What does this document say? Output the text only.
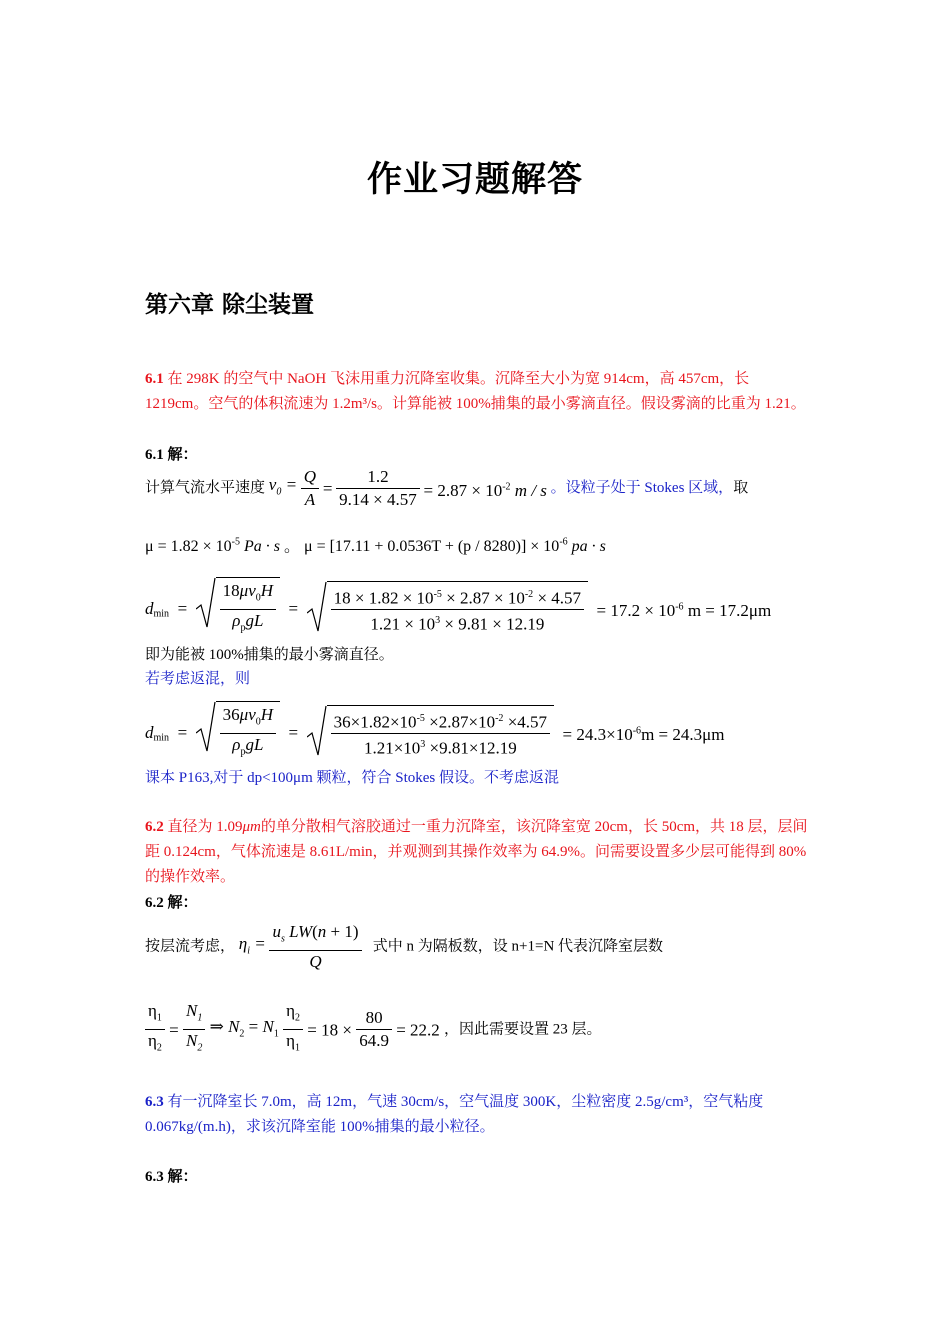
作业习题解答
第六章 除尘装置
6.1 在 298K 的空气中 NaOH 飞沫用重力沉降室收集。沉降至大小为宽 914cm，高 457cm，长 1219cm。空气的体积流速为 1.2m³/s。计算能被 100%捕集的最小雾滴直径。假设雾滴的比重为 1.21。
6.1 解：
计算气流水平速度 $v_0 = \frac{Q}{A} = \frac{1.2}{9.14 \times 4.57} = 2.87 \times 10^{-2}$ m / s 。设粒子处于 Stokes 区域，取
$\mu = 1.82 \times 10^{-5}$ Pa · s 。 $\mu = [17.11 + 0.0536T + (p / 8280)] \times 10^{-6}$ pa · s
$d_{min} = \frac{18\mu v_0H}{\rho_pgL} = \frac{18 \times 1.82 \times 10^{-5} \times 2.87 \times 10^{-2} \times 4.57}{1.21 \times 10^3 \times 9.81 \times 12.19} = 17.2 \times 10^{-6}$ m = 17.2μm
即为能被 100%捕集的最小雾滴直径。
若考虑返混，则
$d_{min} = \frac{36\mu v_0H}{\rho_pgL} = \frac{36\times 1.82\times 10^{-5} \times 2.87\times 10^{-2} \times 4.57}{1.21\times 10^3 \times 9.81\times 12.19} = 24.3\times 10^{-6}m = 24.3\mu m$
课本 P163,对于 dp<100μm 颗粒，符合 Stokes 假设。不考虑返混
6.2 直径为 1.09μm的单分散相气溶胶通过一重力沉降室，该沉降室宽 20cm，长 50cm，共 18 层，层间距 0.124cm，气体流速是 8.61L/min，并观测到其操作效率为 64.9%。问需要设置多少层可能得到 80%的操作效率。
6.2 解：
按层流考虑， $\eta_i = \frac{u_s LW(n + 1)}{Q}$ 式中 n 为隔板数，设 n+1=N 代表沉降室层数
$\frac{\eta_1}{\eta_2} = \frac{N_1}{N_2}$ ⇒ $N_2 = N_1 \frac{\eta_2}{\eta_1} = 18 \times \frac{80}{64.9} = 22.2$ ，因此需要设置 23 层。
6.3 有一沉降室长 7.0m，高 12m，气速 30cm/s，空气温度 300K，尘粒密度 2.5g/cm³，空气粘度 0.067kg/(m.h)，求该沉降室能 100%捕集的最小粒径。
6.3 解：
